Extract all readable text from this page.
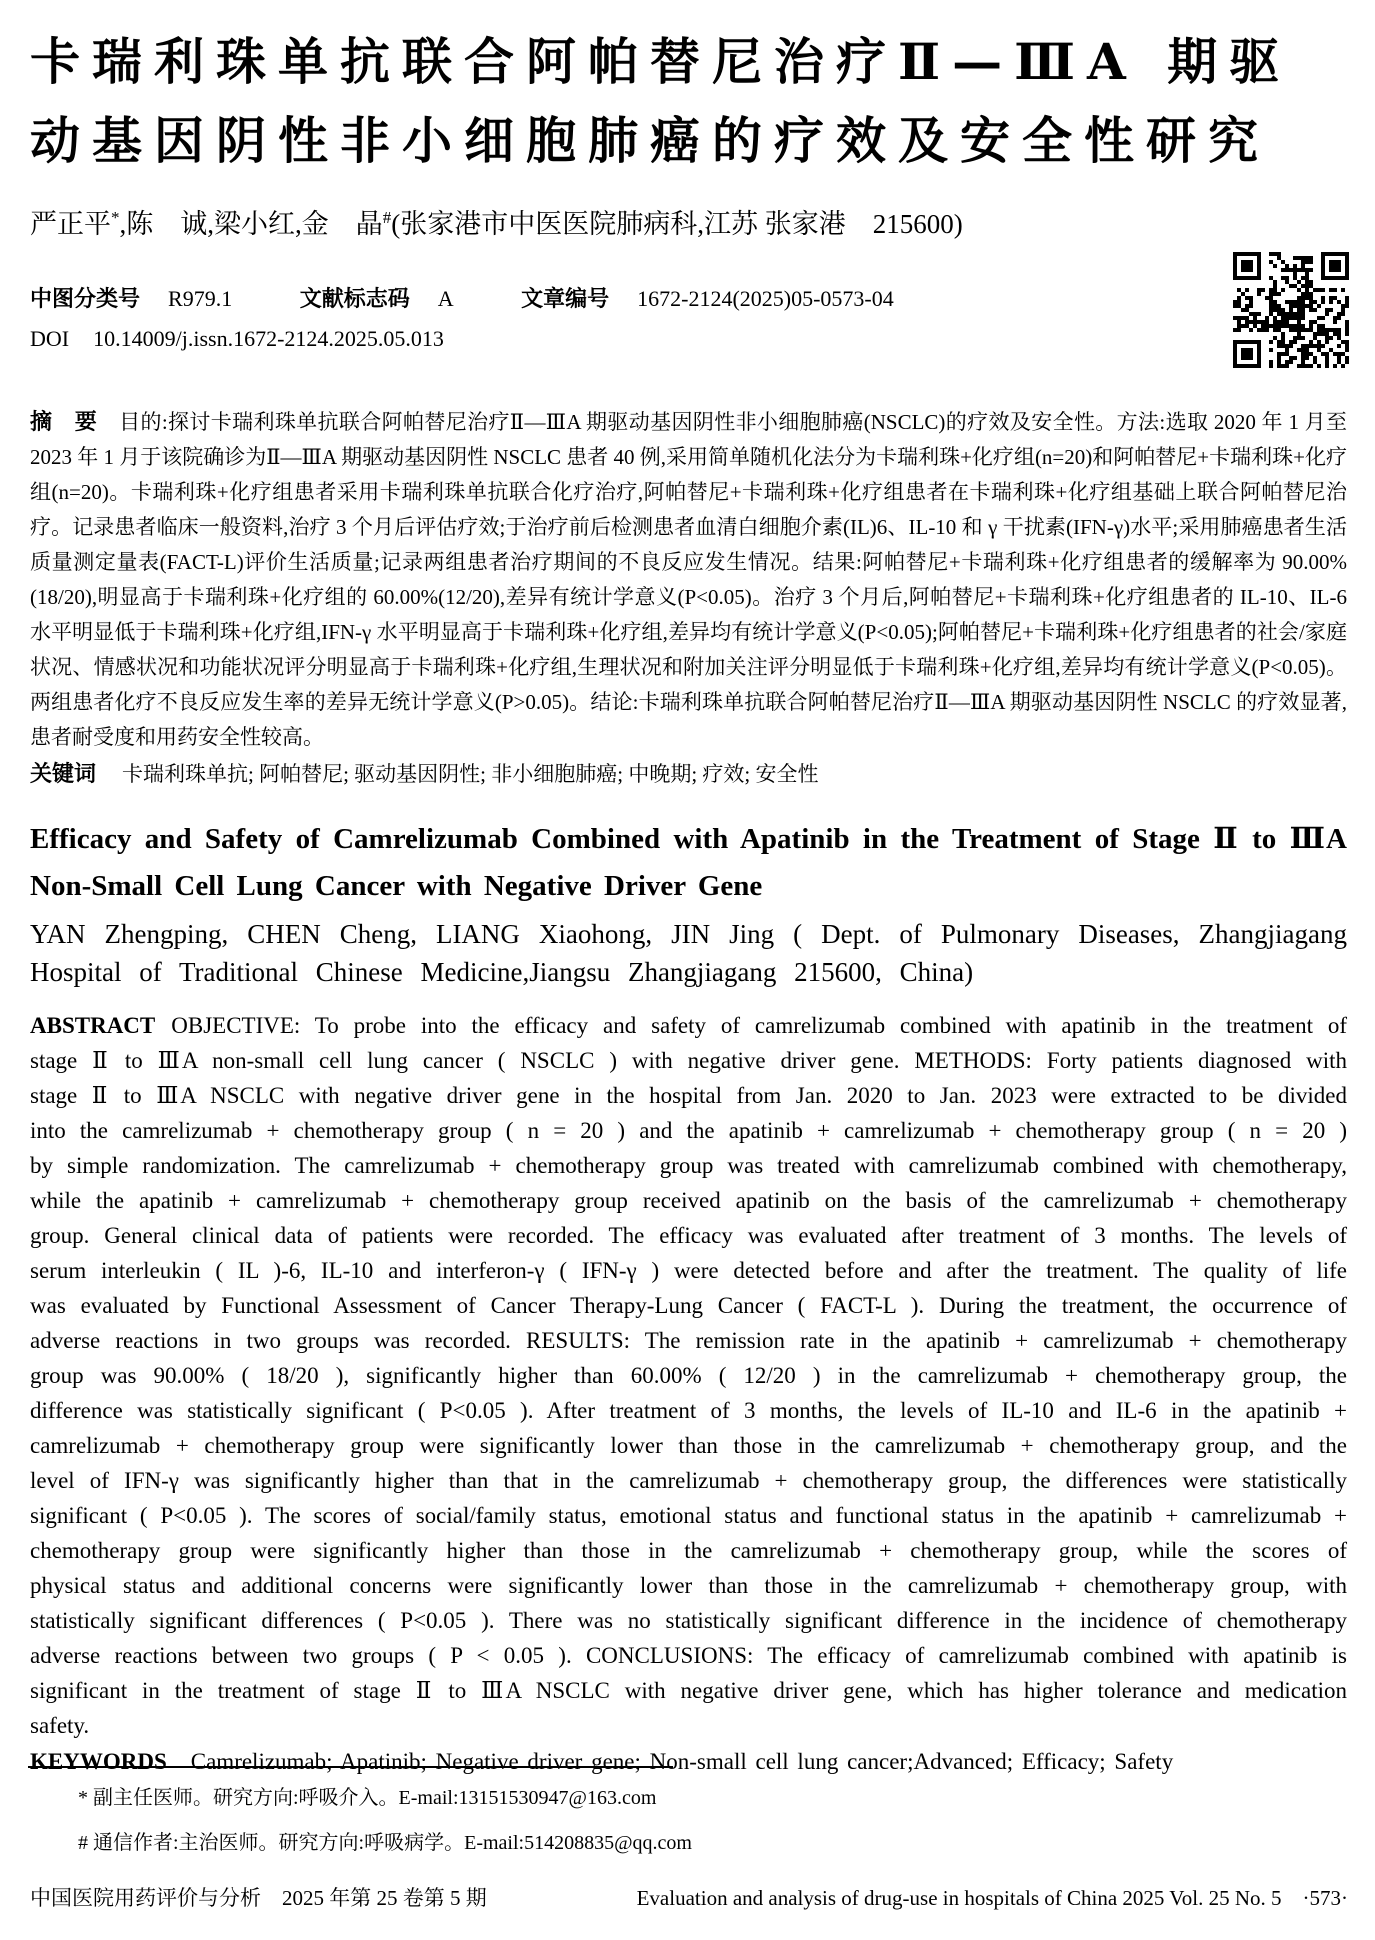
卡瑞利珠单抗联合阿帕替尼治疗Ⅱ—ⅢA 期驱动基因阴性非小细胞肺癌的疗效及安全性研究

严正平*,陈　诚,梁小红,金　晶#(张家港市中医医院肺病科,江苏 张家港　215600)

中图分类号 R979.1	文献标志码 A	文章编号 1672-2124(2025)05-0573-04
DOI 10.14009/j.issn.1672-2124.2025.05.013

摘　要 目的:探讨卡瑞利珠单抗联合阿帕替尼治疗Ⅱ—ⅢA 期驱动基因阴性非小细胞肺癌(NSCLC)的疗效及安全性。方法:选取 2020 年 1 月至 2023 年 1 月于该院确诊为Ⅱ—ⅢA 期驱动基因阴性 NSCLC 患者 40 例,采用简单随机化法分为卡瑞利珠+化疗组(n=20)和阿帕替尼+卡瑞利珠+化疗组(n=20)。卡瑞利珠+化疗组患者采用卡瑞利珠单抗联合化疗治疗,阿帕替尼+卡瑞利珠+化疗组患者在卡瑞利珠+化疗组基础上联合阿帕替尼治疗。记录患者临床一般资料,治疗 3 个月后评估疗效;于治疗前后检测患者血清白细胞介素(IL)6、IL-10 和 γ 干扰素(IFN-γ)水平;采用肺癌患者生活质量测定量表(FACT-L)评价生活质量;记录两组患者治疗期间的不良反应发生情况。结果:阿帕替尼+卡瑞利珠+化疗组患者的缓解率为 90.00%(18/20),明显高于卡瑞利珠+化疗组的 60.00%(12/20),差异有统计学意义(P<0.05)。治疗 3 个月后,阿帕替尼+卡瑞利珠+化疗组患者的 IL-10、IL-6 水平明显低于卡瑞利珠+化疗组,IFN-γ 水平明显高于卡瑞利珠+化疗组,差异均有统计学意义(P<0.05);阿帕替尼+卡瑞利珠+化疗组患者的社会/家庭状况、情感状况和功能状况评分明显高于卡瑞利珠+化疗组,生理状况和附加关注评分明显低于卡瑞利珠+化疗组,差异均有统计学意义(P<0.05)。两组患者化疗不良反应发生率的差异无统计学意义(P>0.05)。结论:卡瑞利珠单抗联合阿帕替尼治疗Ⅱ—ⅢA 期驱动基因阴性 NSCLC 的疗效显著,患者耐受度和用药安全性较高。

关键词 卡瑞利珠单抗; 阿帕替尼; 驱动基因阴性; 非小细胞肺癌; 中晚期; 疗效; 安全性

Efficacy and Safety of Camrelizumab Combined with Apatinib in the Treatment of Stage Ⅱ to ⅢA Non-Small Cell Lung Cancer with Negative Driver Gene

YAN Zhengping, CHEN Cheng, LIANG Xiaohong, JIN Jing ( Dept. of Pulmonary Diseases, Zhangjiagang Hospital of Traditional Chinese Medicine,Jiangsu Zhangjiagang 215600, China)

ABSTRACT OBJECTIVE: To probe into the efficacy and safety of camrelizumab combined with apatinib in the treatment of stage Ⅱ to ⅢA non-small cell lung cancer ( NSCLC ) with negative driver gene. METHODS: Forty patients diagnosed with stage Ⅱ to ⅢA NSCLC with negative driver gene in the hospital from Jan. 2020 to Jan. 2023 were extracted to be divided into the camrelizumab + chemotherapy group ( n = 20 ) and the apatinib + camrelizumab + chemotherapy group ( n = 20 ) by simple randomization. The camrelizumab + chemotherapy group was treated with camrelizumab combined with chemotherapy, while the apatinib + camrelizumab + chemotherapy group received apatinib on the basis of the camrelizumab + chemotherapy group. General clinical data of patients were recorded. The efficacy was evaluated after treatment of 3 months. The levels of serum interleukin ( IL )-6, IL-10 and interferon-γ ( IFN-γ ) were detected before and after the treatment. The quality of life was evaluated by Functional Assessment of Cancer Therapy-Lung Cancer ( FACT-L ). During the treatment, the occurrence of adverse reactions in two groups was recorded. RESULTS: The remission rate in the apatinib + camrelizumab + chemotherapy group was 90.00% ( 18/20 ), significantly higher than 60.00% ( 12/20 ) in the camrelizumab + chemotherapy group, the difference was statistically significant ( P<0.05 ). After treatment of 3 months, the levels of IL-10 and IL-6 in the apatinib + camrelizumab + chemotherapy group were significantly lower than those in the camrelizumab + chemotherapy group, and the level of IFN-γ was significantly higher than that in the camrelizumab + chemotherapy group, the differences were statistically significant ( P<0.05 ). The scores of social/family status, emotional status and functional status in the apatinib + camrelizumab + chemotherapy group were significantly higher than those in the camrelizumab + chemotherapy group, while the scores of physical status and additional concerns were significantly lower than those in the camrelizumab + chemotherapy group, with statistically significant differences ( P<0.05 ). There was no statistically significant difference in the incidence of chemotherapy adverse reactions between two groups ( P < 0.05 ). CONCLUSIONS: The efficacy of camrelizumab combined with apatinib is significant in the treatment of stage Ⅱ to ⅢA NSCLC with negative driver gene, which has higher tolerance and medication safety.

KEYWORDS Camrelizumab; Apatinib; Negative driver gene; Non-small cell lung cancer;Advanced; Efficacy; Safety

* 副主任医师。研究方向:呼吸介入。E-mail:13151530947@163.com

# 通信作者:主治医师。研究方向:呼吸病学。E-mail:514208835@qq.com

中国医院用药评价与分析　2025 年第 25 卷第 5 期	Evaluation and analysis of drug-use in hospitals of China 2025 Vol. 25 No. 5　·573·
